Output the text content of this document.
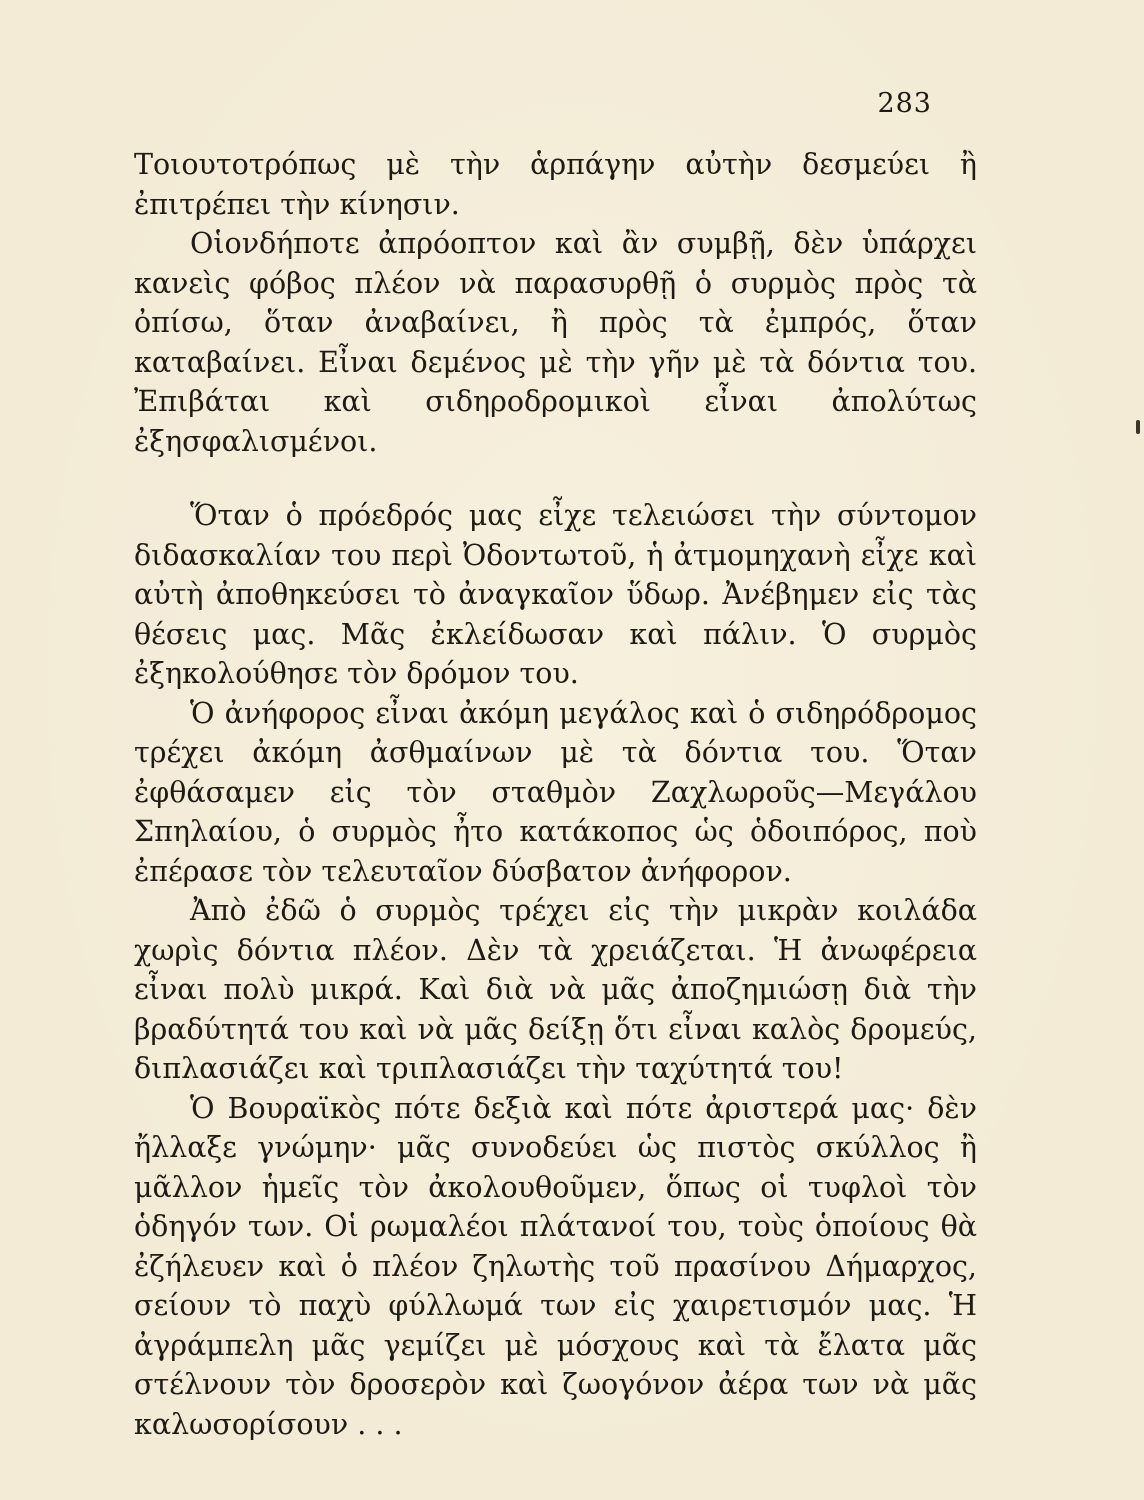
283

Τοιουτοτρόπως μὲ τὴν ἁρπάγην αὐτὴν δεσμεύει ἢ ἐπιτρέπει τὴν κίνησιν.

Οἱονδήποτε ἀπρόοπτον καὶ ἂν συμβῇ, δὲν ὑπάρχει κανεὶς φόβος πλέον νὰ παρασυρθῇ ὁ συρμὸς πρὸς τὰ ὀπίσω, ὅταν ἀναβαίνει, ἢ πρὸς τὰ ἐμπρός, ὅταν καταβαίνει. Εἶναι δεμένος μὲ τὴν γῆν μὲ τὰ δόντια του. Ἐπιβάται καὶ σιδηροδρομικοὶ εἶναι ἀπολύτως ἐξησφαλισμένοι.

Ὅταν ὁ πρόεδρός μας εἶχε τελειώσει τὴν σύντομον διδασκαλίαν του περὶ Ὀδοντωτοῦ, ἡ ἀτμομηχανὴ εἶχε καὶ αὐτὴ ἀποθηκεύσει τὸ ἀναγκαῖον ὕδωρ. Ἀνέβημεν εἰς τὰς θέσεις μας. Μᾶς ἐκλείδωσαν καὶ πάλιν. Ὁ συρμὸς ἐξηκολούθησε τὸν δρόμον του.

Ὁ ἀνήφορος εἶναι ἀκόμη μεγάλος καὶ ὁ σιδηρόδρομος τρέχει ἀκόμη ἀσθμαίνων μὲ τὰ δόντια του. Ὅταν ἐφθάσαμεν εἰς τὸν σταθμὸν Ζαχλωροῦς—Μεγάλου Σπηλαίου, ὁ συρμὸς ἦτο κατάκοπος ὡς ὁδοιπόρος, ποὺ ἐπέρασε τὸν τελευταῖον δύσβατον ἀνήφορον.

Ἀπὸ ἐδῶ ὁ συρμὸς τρέχει εἰς τὴν μικρὰν κοιλάδα χωρὶς δόντια πλέον. Δὲν τὰ χρειάζεται. Ἡ ἀνωφέρεια εἶναι πολὺ μικρά. Καὶ διὰ νὰ μᾶς ἀποζημιώσῃ διὰ τὴν βραδύτητά του καὶ νὰ μᾶς δείξῃ ὅτι εἶναι καλὸς δρομεύς, διπλασιάζει καὶ τριπλασιάζει τὴν ταχύτητά του!

Ὁ Βουραϊκὸς πότε δεξιὰ καὶ πότε ἀριστερά μας· δὲν ἤλλαξε γνώμην· μᾶς συνοδεύει ὡς πιστὸς σκύλλος ἢ μᾶλλον ἡμεῖς τὸν ἀκολουθοῦμεν, ὅπως οἱ τυφλοὶ τὸν ὁδηγόν των. Οἱ ρωμαλέοι πλάτανοί του, τοὺς ὁποίους θὰ ἐζήλευεν καὶ ὁ πλέον ζηλωτὴς τοῦ πρασίνου Δήμαρχος, σείουν τὸ παχὺ φύλλωμά των εἰς χαιρετισμόν μας. Ἡ ἀγράμπελη μᾶς γεμίζει μὲ μόσχους καὶ τὰ ἔλατα μᾶς στέλνουν τὸν δροσερὸν καὶ ζωογόνον ἀέρα των νὰ μᾶς καλωσορίσουν . . .
